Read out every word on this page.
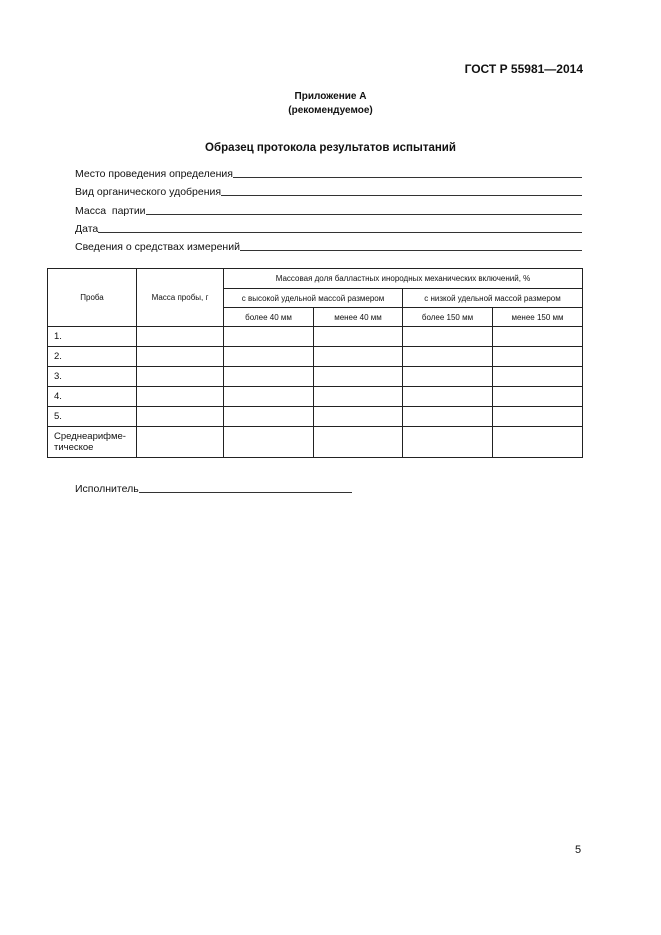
ГОСТ Р 55981—2014
Приложение А
(рекомендуемое)
Образец протокола результатов испытаний
Место проведения определения
Вид органического удобрения
Масса  партии
Дата
Сведения о средствах измерений
Проба	Масса пробы, г	Массовая доля балластных инородных механических включений, %			
		с высокой удельной массой размером		с низкой удельной массой размером	
		более 40 мм	менее 40 мм	более 150 мм	менее 150 мм
1.					
2.					
3.					
4.					
5.					
Среднеарифме-
тическое					
Исполнитель
5
